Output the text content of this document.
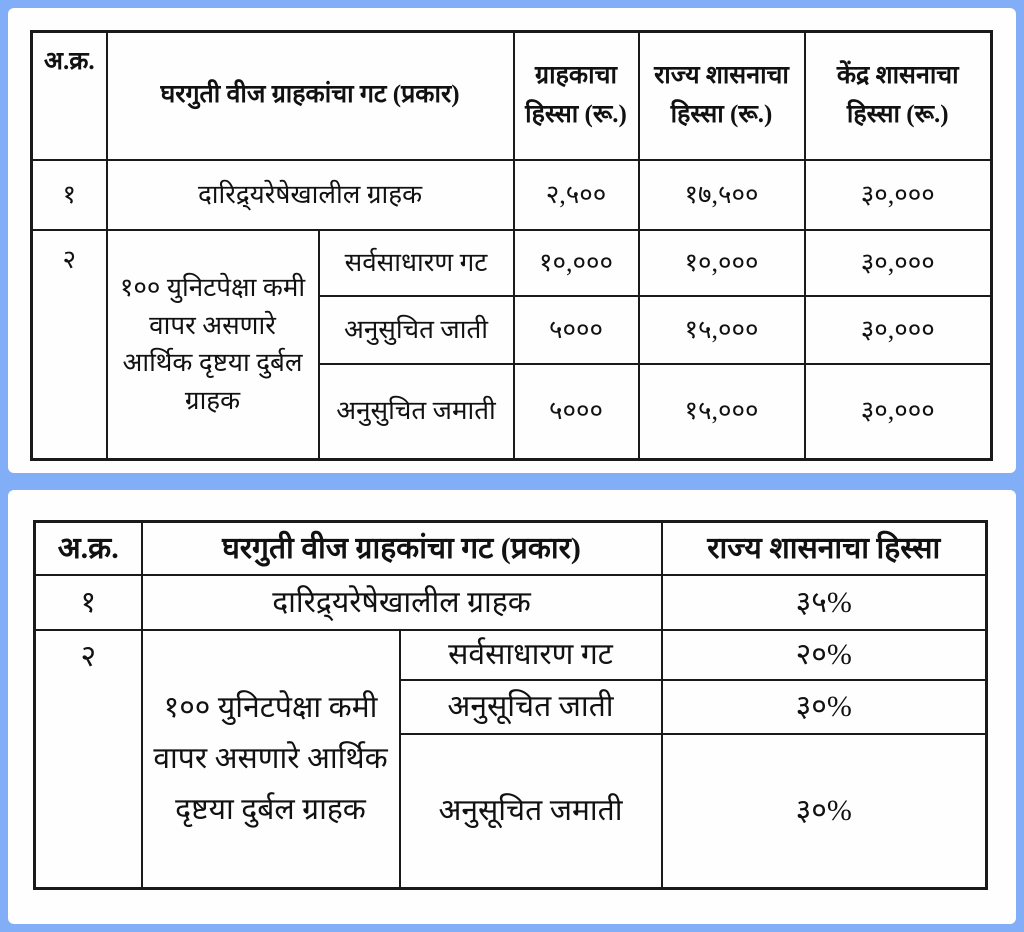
अ.क्र.	घरगुती वीज ग्राहकांचा गट (प्रकार)		ग्राहकाचा हिस्सा (रू.)	राज्य शासनाचा हिस्सा (रू.)	केंद्र शासनाचा हिस्सा (रू.)
१	दारिद्र्यरेषेखालील ग्राहक		२,५००	१७,५००	३०,०००
२	१०० युनिटपेक्षा कमी वापर असणारे आर्थिक दृष्टया दुर्बल ग्राहक	सर्वसाधारण गट	१०,०००	१०,०००	३०,०००
		अनुसुचित जाती	५०००	१५,०००	३०,०००
		अनुसुचित जमाती	५०००	१५,०००	३०,०००
अ.क्र.	घरगुती वीज ग्राहकांचा गट (प्रकार)		राज्य शासनाचा हिस्सा
१	दारिद्र्यरेषेखालील ग्राहक		३५%
२	१०० युनिटपेक्षा कमी वापर असणारे आर्थिक दृष्टया दुर्बल ग्राहक	सर्वसाधारण गट	२०%
		अनुसूचित जाती	३०%
		अनुसूचित जमाती	३०%
